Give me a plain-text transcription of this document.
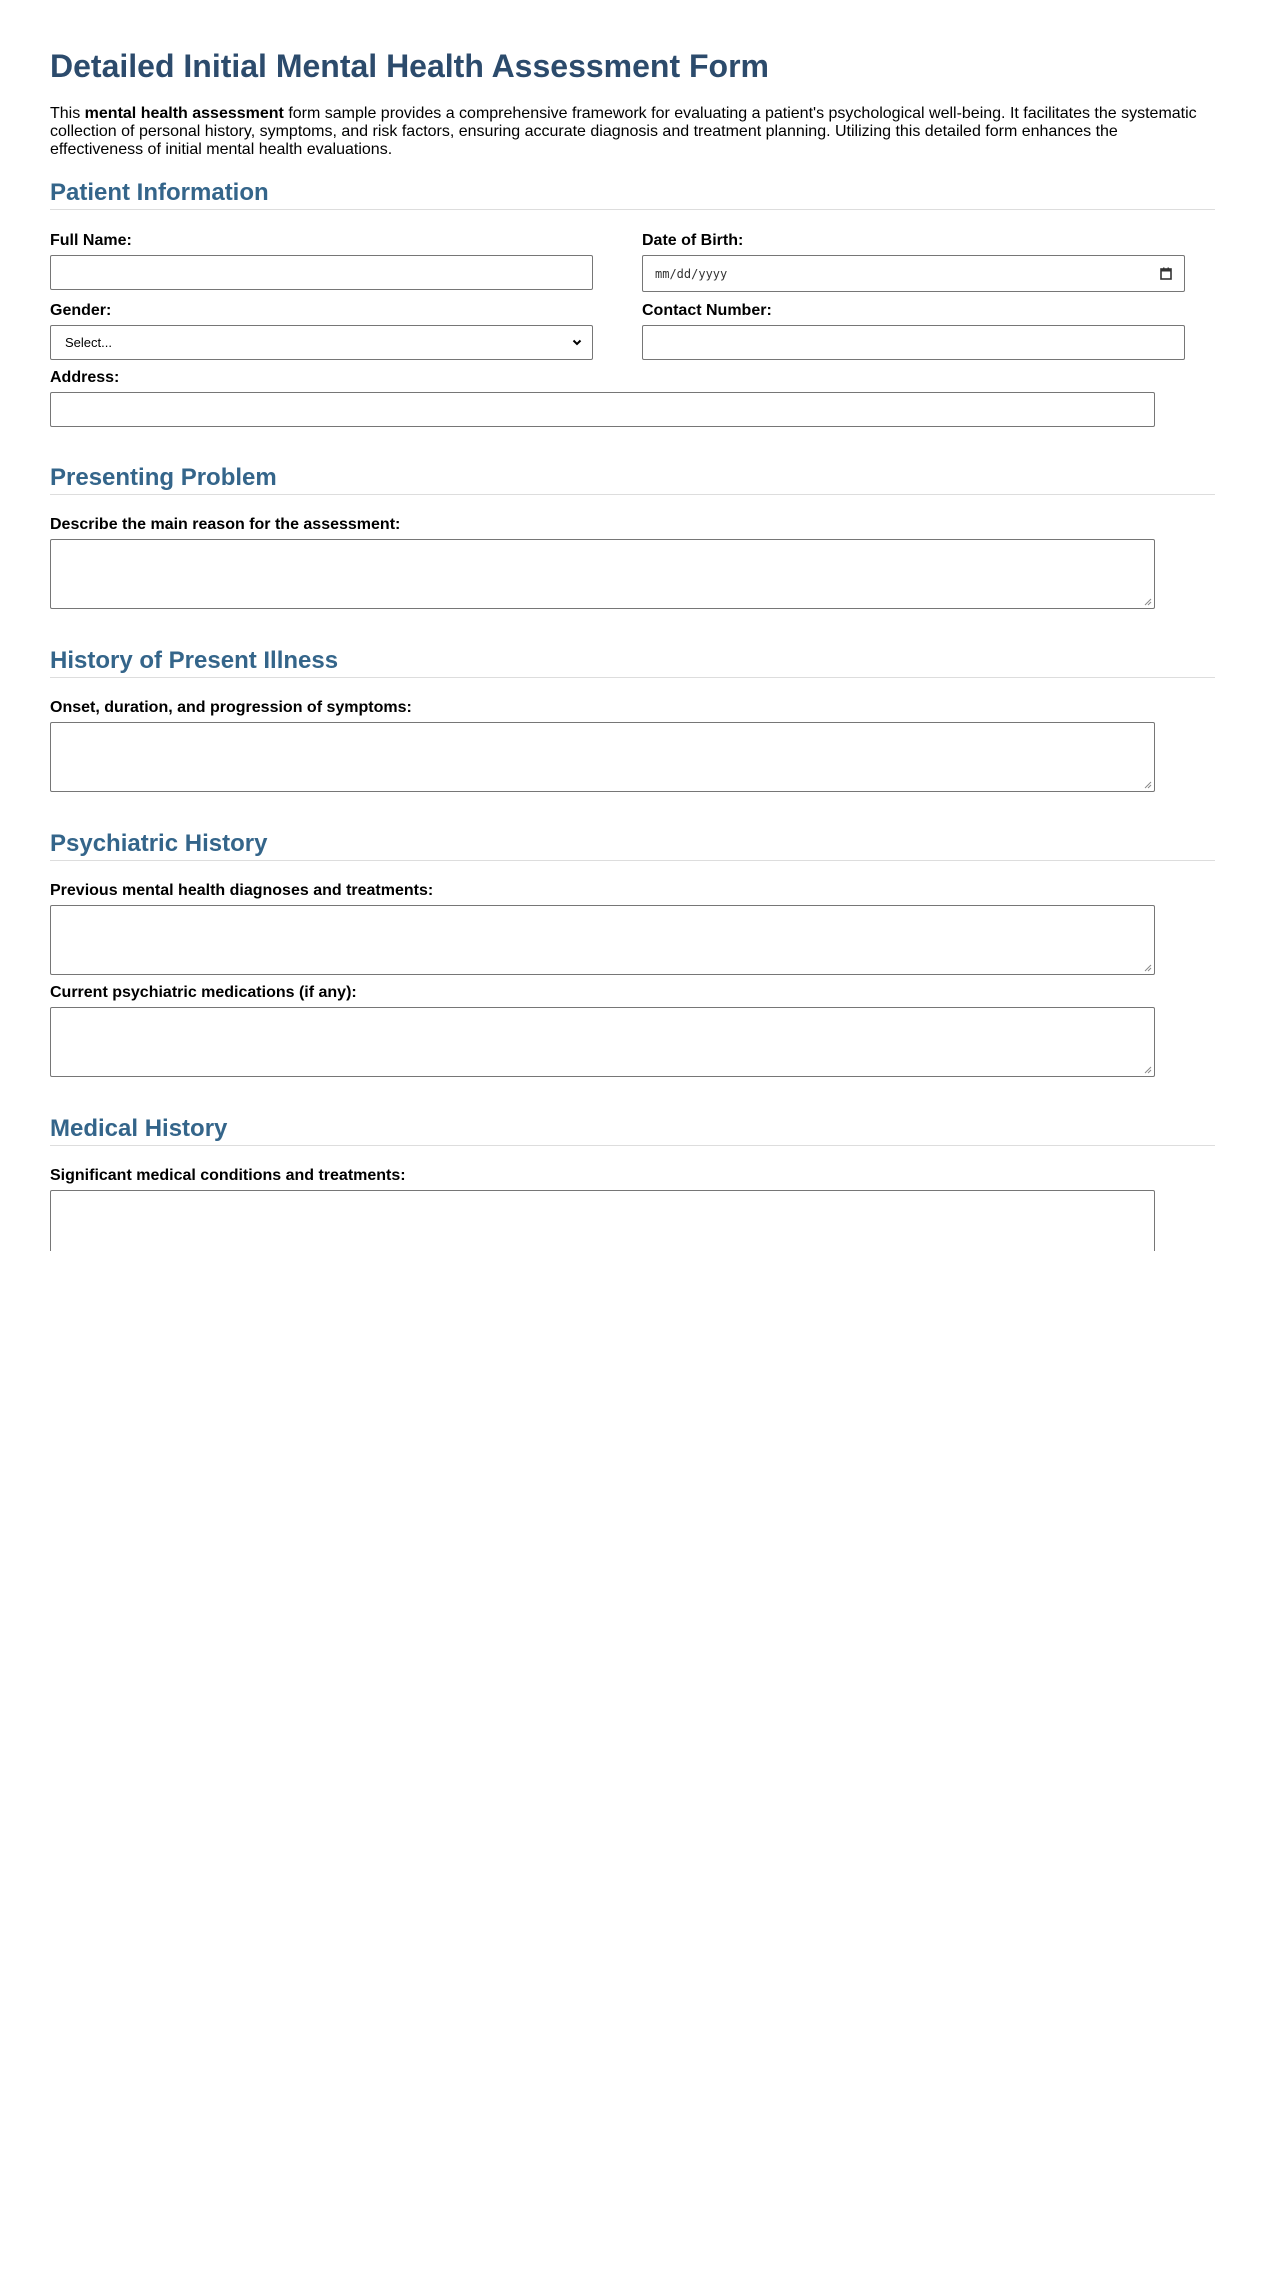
Detailed Initial Mental Health Assessment Form

This mental health assessment form sample provides a comprehensive framework for evaluating a patient's psychological well-being. It facilitates the systematic collection of personal history, symptoms, and risk factors, ensuring accurate diagnosis and treatment planning. Utilizing this detailed form enhances the effectiveness of initial mental health evaluations.

Patient Information
Full Name:	Date of Birth:
mm/dd/yyyy
Gender:
Select...
Contact Number:
Address:
Presenting Problem
Describe the main reason for the assessment:
History of Present Illness
Onset, duration, and progression of symptoms:
Psychiatric History
Previous mental health diagnoses and treatments:
Current psychiatric medications (if any):
Medical History
Significant medical conditions and treatments:
